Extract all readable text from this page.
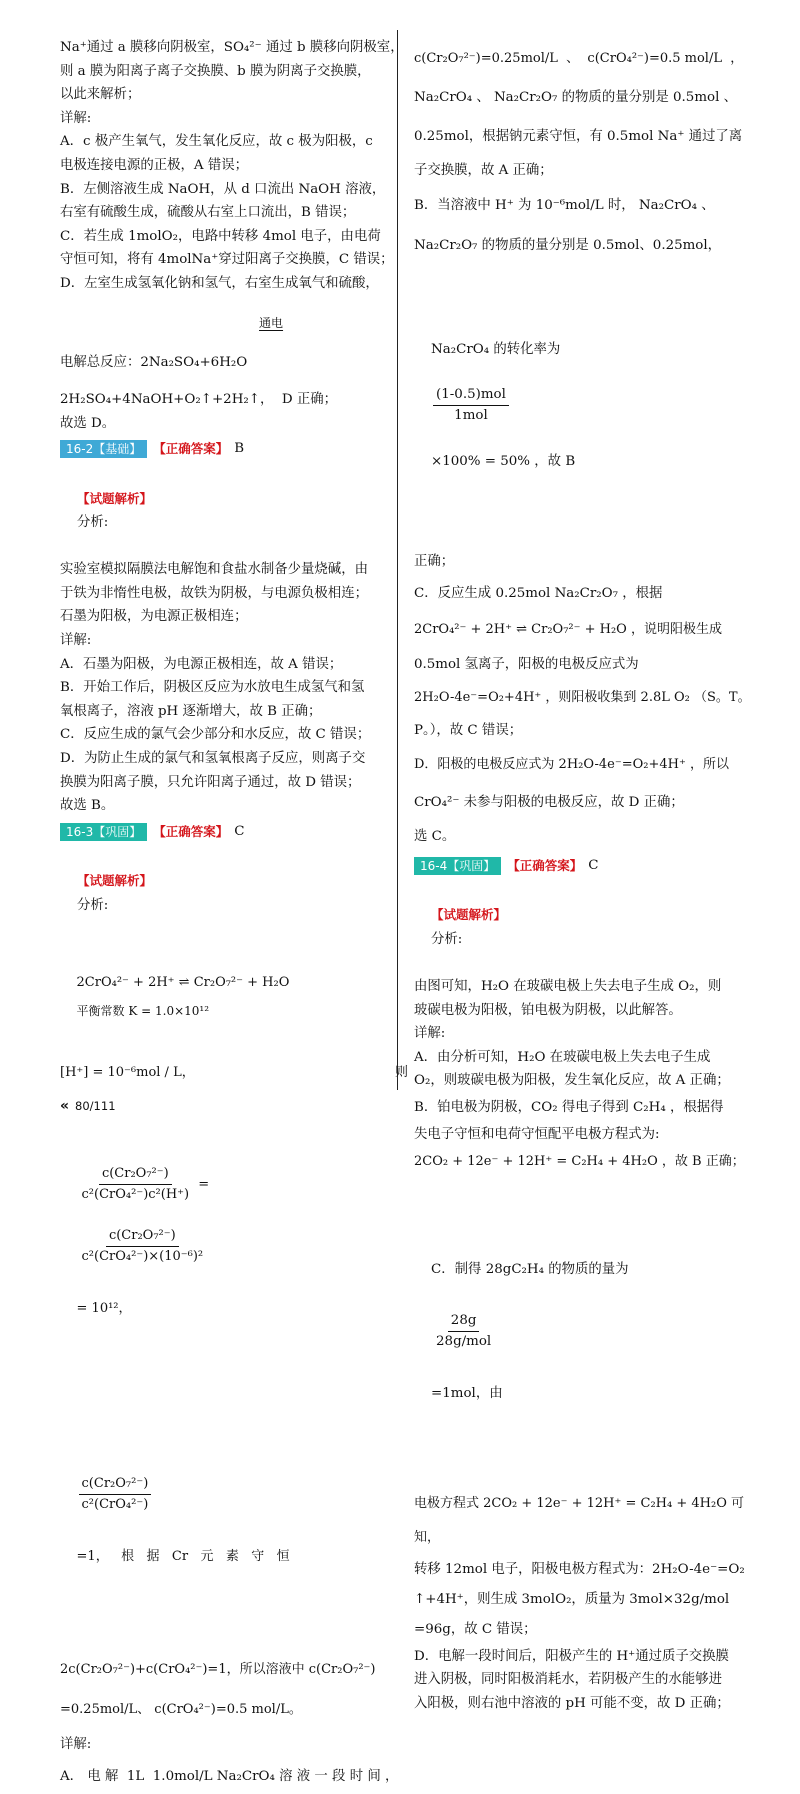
Na⁺通过 a 膜移向阴极室，SO₄²⁻ 通过 b 膜移向阴极室，
则 a 膜为阳离子离子交换膜、b 膜为阴离子交换膜，
以此来解析；
详解:
A．c 极产生氧气，发生氧化反应，故 c 极为阳极，c
电极连接电源的正极，A 错误；
B．左侧溶液生成 NaOH，从 d 口流出 NaOH 溶液，
右室有硫酸生成，硫酸从右室上口流出，B 错误；
C．若生成 1molO₂，电路中转移 4mol 电子，由电荷
守恒可知，将有 4molNa⁺穿过阳离子交换膜，C 错误；
D．左室生成氢氧化钠和氢气，右室生成氧气和硫酸，

通电

电解总反应：2Na₂SO₄+6H₂O
2H₂SO₄+4NaOH+O₂↑+2H₂↑，  D 正确；
故选 D。
16-2【基础】 【正确答案】 B

【试题解析】
分析:

实验室模拟隔膜法电解饱和食盐水制备少量烧碱，由
于铁为非惰性电极，故铁为阴极，与电源负极相连；
石墨为阳极，为电源正极相连；
详解:
A．石墨为阳极，为电源正极相连，故 A 错误；
B．开始工作后，阴极区反应为水放电生成氢气和氢
氧根离子，溶液 pH 逐渐增大，故 B 正确；
C．反应生成的氯气会少部分和水反应，故 C 错误；
D．为防止生成的氯气和氢氧根离子反应，则离子交
换膜为阳离子膜，只允许阳离子通过，故 D 错误；
故选 B。
16-3【巩固】 【正确答案】 C

【试题解析】
分析:

2CrO₄²⁻ + 2H⁺ ⇌ Cr₂O₇²⁻ + H₂O
平衡常数 K = 1.0×10¹²

[H⁺] = 10⁻⁶mol / L，	则

$\frac{\text{c(Cr₂O₇²⁻)}}{\text{c²(CrO₄²⁻)c²(H⁺)}}$ =

$\frac{\text{c(Cr₂O₇²⁻)}}{\text{c²(CrO₄²⁻)×(10⁻⁶)²}}$

= 10¹²，

$\frac{\text{c(Cr₂O₇²⁻)}}{\text{c²(CrO₄²⁻)}}$

=1，   根   据   Cr   元   素   守   恒

2c(Cr₂O₇²⁻)+c(CrO₄²⁻)=1，所以溶液中 c(Cr₂O₇²⁻)
=0.25mol/L、 c(CrO₄²⁻)=0.5 mol/L。
详解:
A． 电 解  1L  1.0mol/L Na₂CrO₄ 溶 液 一 段 时 间 ，
c(Cr₂O₇²⁻)=0.25mol/L  、  c(CrO₄²⁻)=0.5 mol/L  ，
Na₂CrO₄ 、 Na₂Cr₂O₇ 的物质的量分别是 0.5mol 、
0.25mol，根据钠元素守恒，有 0.5mol Na⁺ 通过了离
子交换膜，故 A 正确；
B．当溶液中 H⁺ 为 10⁻⁶mol/L 时， Na₂CrO₄ 、
Na₂Cr₂O₇ 的物质的量分别是 0.5mol、0.25mol，

Na₂CrO₄ 的转化率为

$\frac{\text{(1-0.5)mol}}{\text{1mol}}$

×100% = 50% ，故 B

正确；
C．反应生成 0.25mol Na₂Cr₂O₇ ，根据
2CrO₄²⁻ + 2H⁺ ⇌ Cr₂O₇²⁻ + H₂O ，说明阳极生成
0.5mol 氢离子，阳极的电极反应式为
2H₂O-4e⁻=O₂+4H⁺ ，则阳极收集到 2.8L O₂ （S。T。
P。），故 C 错误；
D．阳极的电极反应式为 2H₂O-4e⁻=O₂+4H⁺ ，所以
CrO₄²⁻ 未参与阳极的电极反应，故 D 正确；
选 C。
16-4【巩固】 【正确答案】 C

【试题解析】
分析:

由图可知，H₂O 在玻碳电极上失去电子生成 O₂，则
玻碳电极为阳极，铂电极为阴极，以此解答。
详解:
A．由分析可知，H₂O 在玻碳电极上失去电子生成
O₂，则玻碳电极为阳极，发生氧化反应，故 A 正确；
B．铂电极为阴极，CO₂ 得电子得到 C₂H₄ ，根据得
失电子守恒和电荷守恒配平电极方程式为:
2CO₂ + 12e⁻ + 12H⁺ = C₂H₄ + 4H₂O ，故 B 正确；

C．制得 28gC₂H₄ 的物质的量为

$\frac{28g}{\text{28g/mol}}$

=1mol，由

电极方程式 2CO₂ + 12e⁻ + 12H⁺ = C₂H₄ + 4H₂O 可知，
转移 12mol 电子，阳极电极方程式为：2H₂O-4e⁻=O₂
↑+4H⁺，则生成 3molO₂，质量为 3mol×32g/mol
=96g，故 C 错误；
D．电解一段时间后，阳极产生的 H⁺通过质子交换膜
进入阴极，同时阳极消耗水，若阴极产生的水能够进
入阳极，则右池中溶液的 pH 可能不变，故 D 正确；
« 80/111
